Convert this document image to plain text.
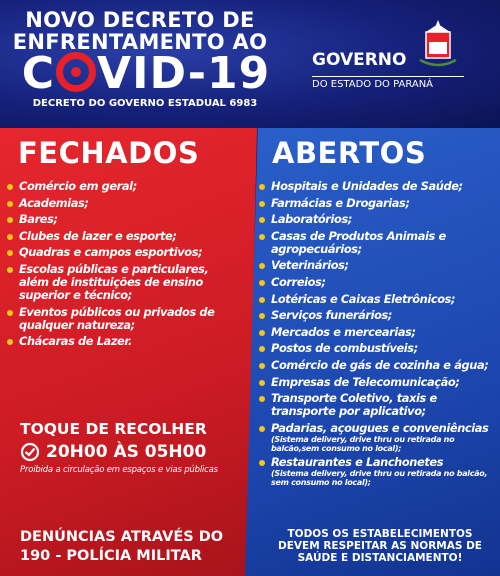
NOVO DECRETO DE
ENFRENTAMENTO AO
C VID-19
DECRETO DO GOVERNO ESTADUAL 6983
GOVERNO
DO ESTADO DO PARANÁ
FECHADOS
Comércio em geral;
Academias;
Bares;
Clubes de lazer e esporte;
Quadras e campos esportivos;
Escolas públicas e particulares, além de instituições de ensino superior e técnico;
Eventos públicos ou privados de qualquer natureza;
Chácaras de Lazer.
ABERTOS
Hospitais e Unidades de Saúde;
Farmácias e Drogarias;
Laboratórios;
Casas de Produtos Animais e agropecuários;
Veterinários;
Correios;
Lotéricas e Caixas Eletrônicos;
Serviços funerários;
Mercados e mercearias;
Postos de combustíveis;
Comércio de gás de cozinha e água;
Empresas de Telecomunicação;
Transporte Coletivo, taxis e transporte por aplicativo;
Padarias, açougues e conveniências
(Sistema delivery, drive thru ou retirada no balcão,sem consumo no local);
Restaurantes e Lanchonetes
(Sistema delivery, drive thru ou retirada no balcão, sem consumo no local);
TOQUE DE RECOLHER
20H00 ÀS 05H00
Proibida a circulação em espaços e vias públicas
DENÚNCIAS ATRAVÉS DO
190 - POLÍCIA MILITAR
TODOS OS ESTABELECIMENTOS DEVEM RESPEITAR AS NORMAS DE SAÚDE E DISTANCIAMENTO!
